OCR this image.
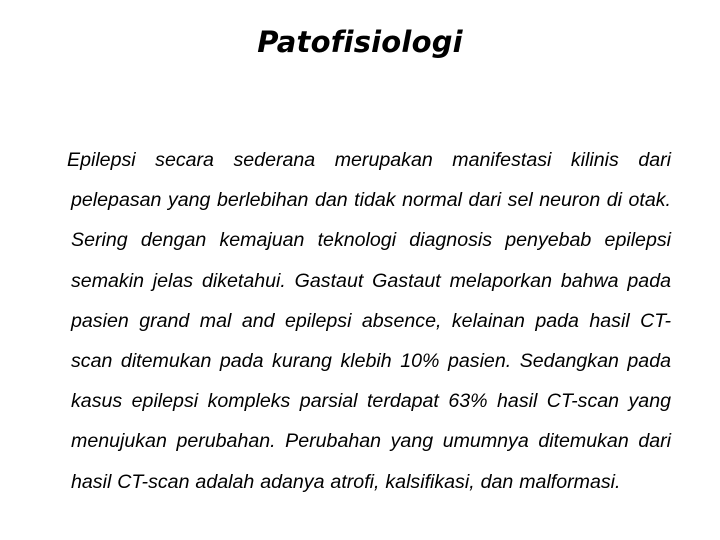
Patofisiologi

Epilepsi secara sederana merupakan manifestasi kilinis dari pelepasan yang berlebihan dan tidak normal dari sel neuron di otak. Sering dengan kemajuan teknologi diagnosis penyebab epilepsi semakin jelas diketahui. Gastaut Gastaut melaporkan bahwa pada pasien grand mal and epilepsi absence, kelainan pada hasil CT- scan ditemukan pada kurang klebih 10% pasien. Sedangkan pada kasus epilepsi kompleks parsial terdapat 63% hasil CT-scan yang menujukan perubahan. Perubahan yang umumnya ditemukan dari hasil CT-scan adalah adanya atrofi, kalsifikasi, dan malformasi.
